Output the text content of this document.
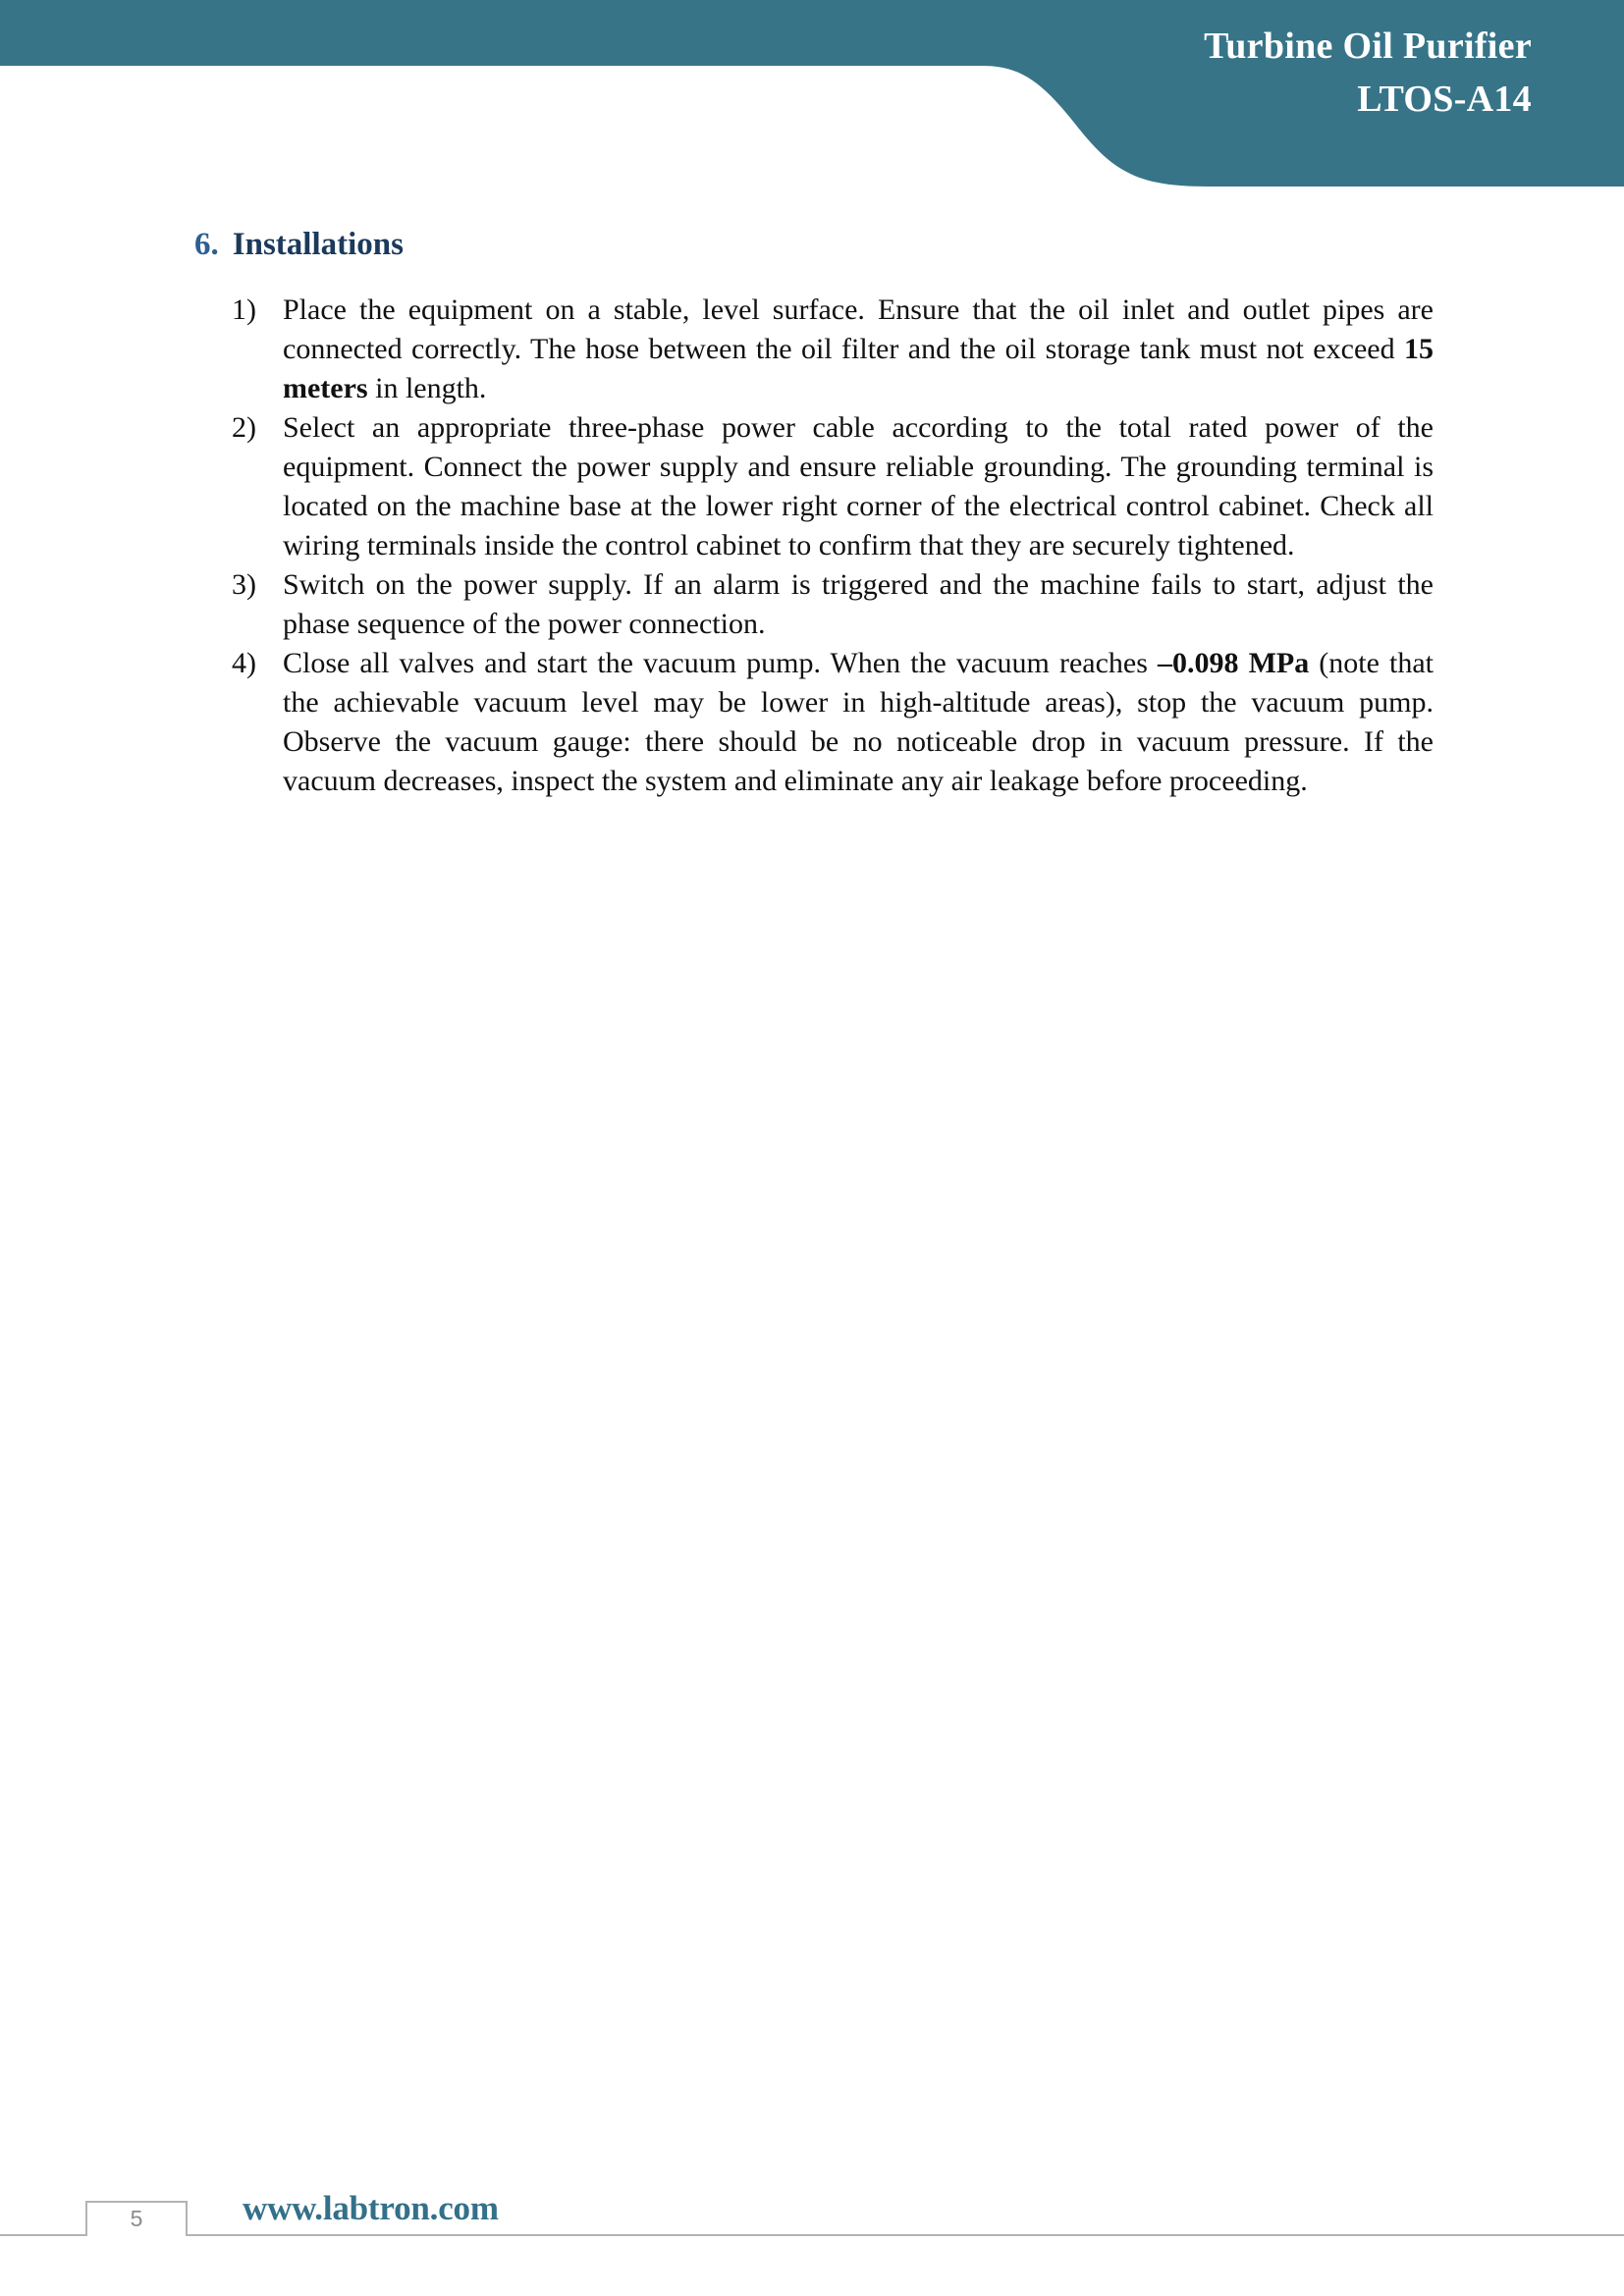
Turbine Oil Purifier
LTOS-A14
6. Installations
1) Place the equipment on a stable, level surface. Ensure that the oil inlet and outlet pipes are connected correctly. The hose between the oil filter and the oil storage tank must not exceed 15 meters in length.
2) Select an appropriate three-phase power cable according to the total rated power of the equipment. Connect the power supply and ensure reliable grounding. The grounding terminal is located on the machine base at the lower right corner of the electrical control cabinet. Check all wiring terminals inside the control cabinet to confirm that they are securely tightened.
3) Switch on the power supply. If an alarm is triggered and the machine fails to start, adjust the phase sequence of the power connection.
4) Close all valves and start the vacuum pump. When the vacuum reaches –0.098 MPa (note that the achievable vacuum level may be lower in high-altitude areas), stop the vacuum pump. Observe the vacuum gauge: there should be no noticeable drop in vacuum pressure. If the vacuum decreases, inspect the system and eliminate any air leakage before proceeding.
5	www.labtron.com
